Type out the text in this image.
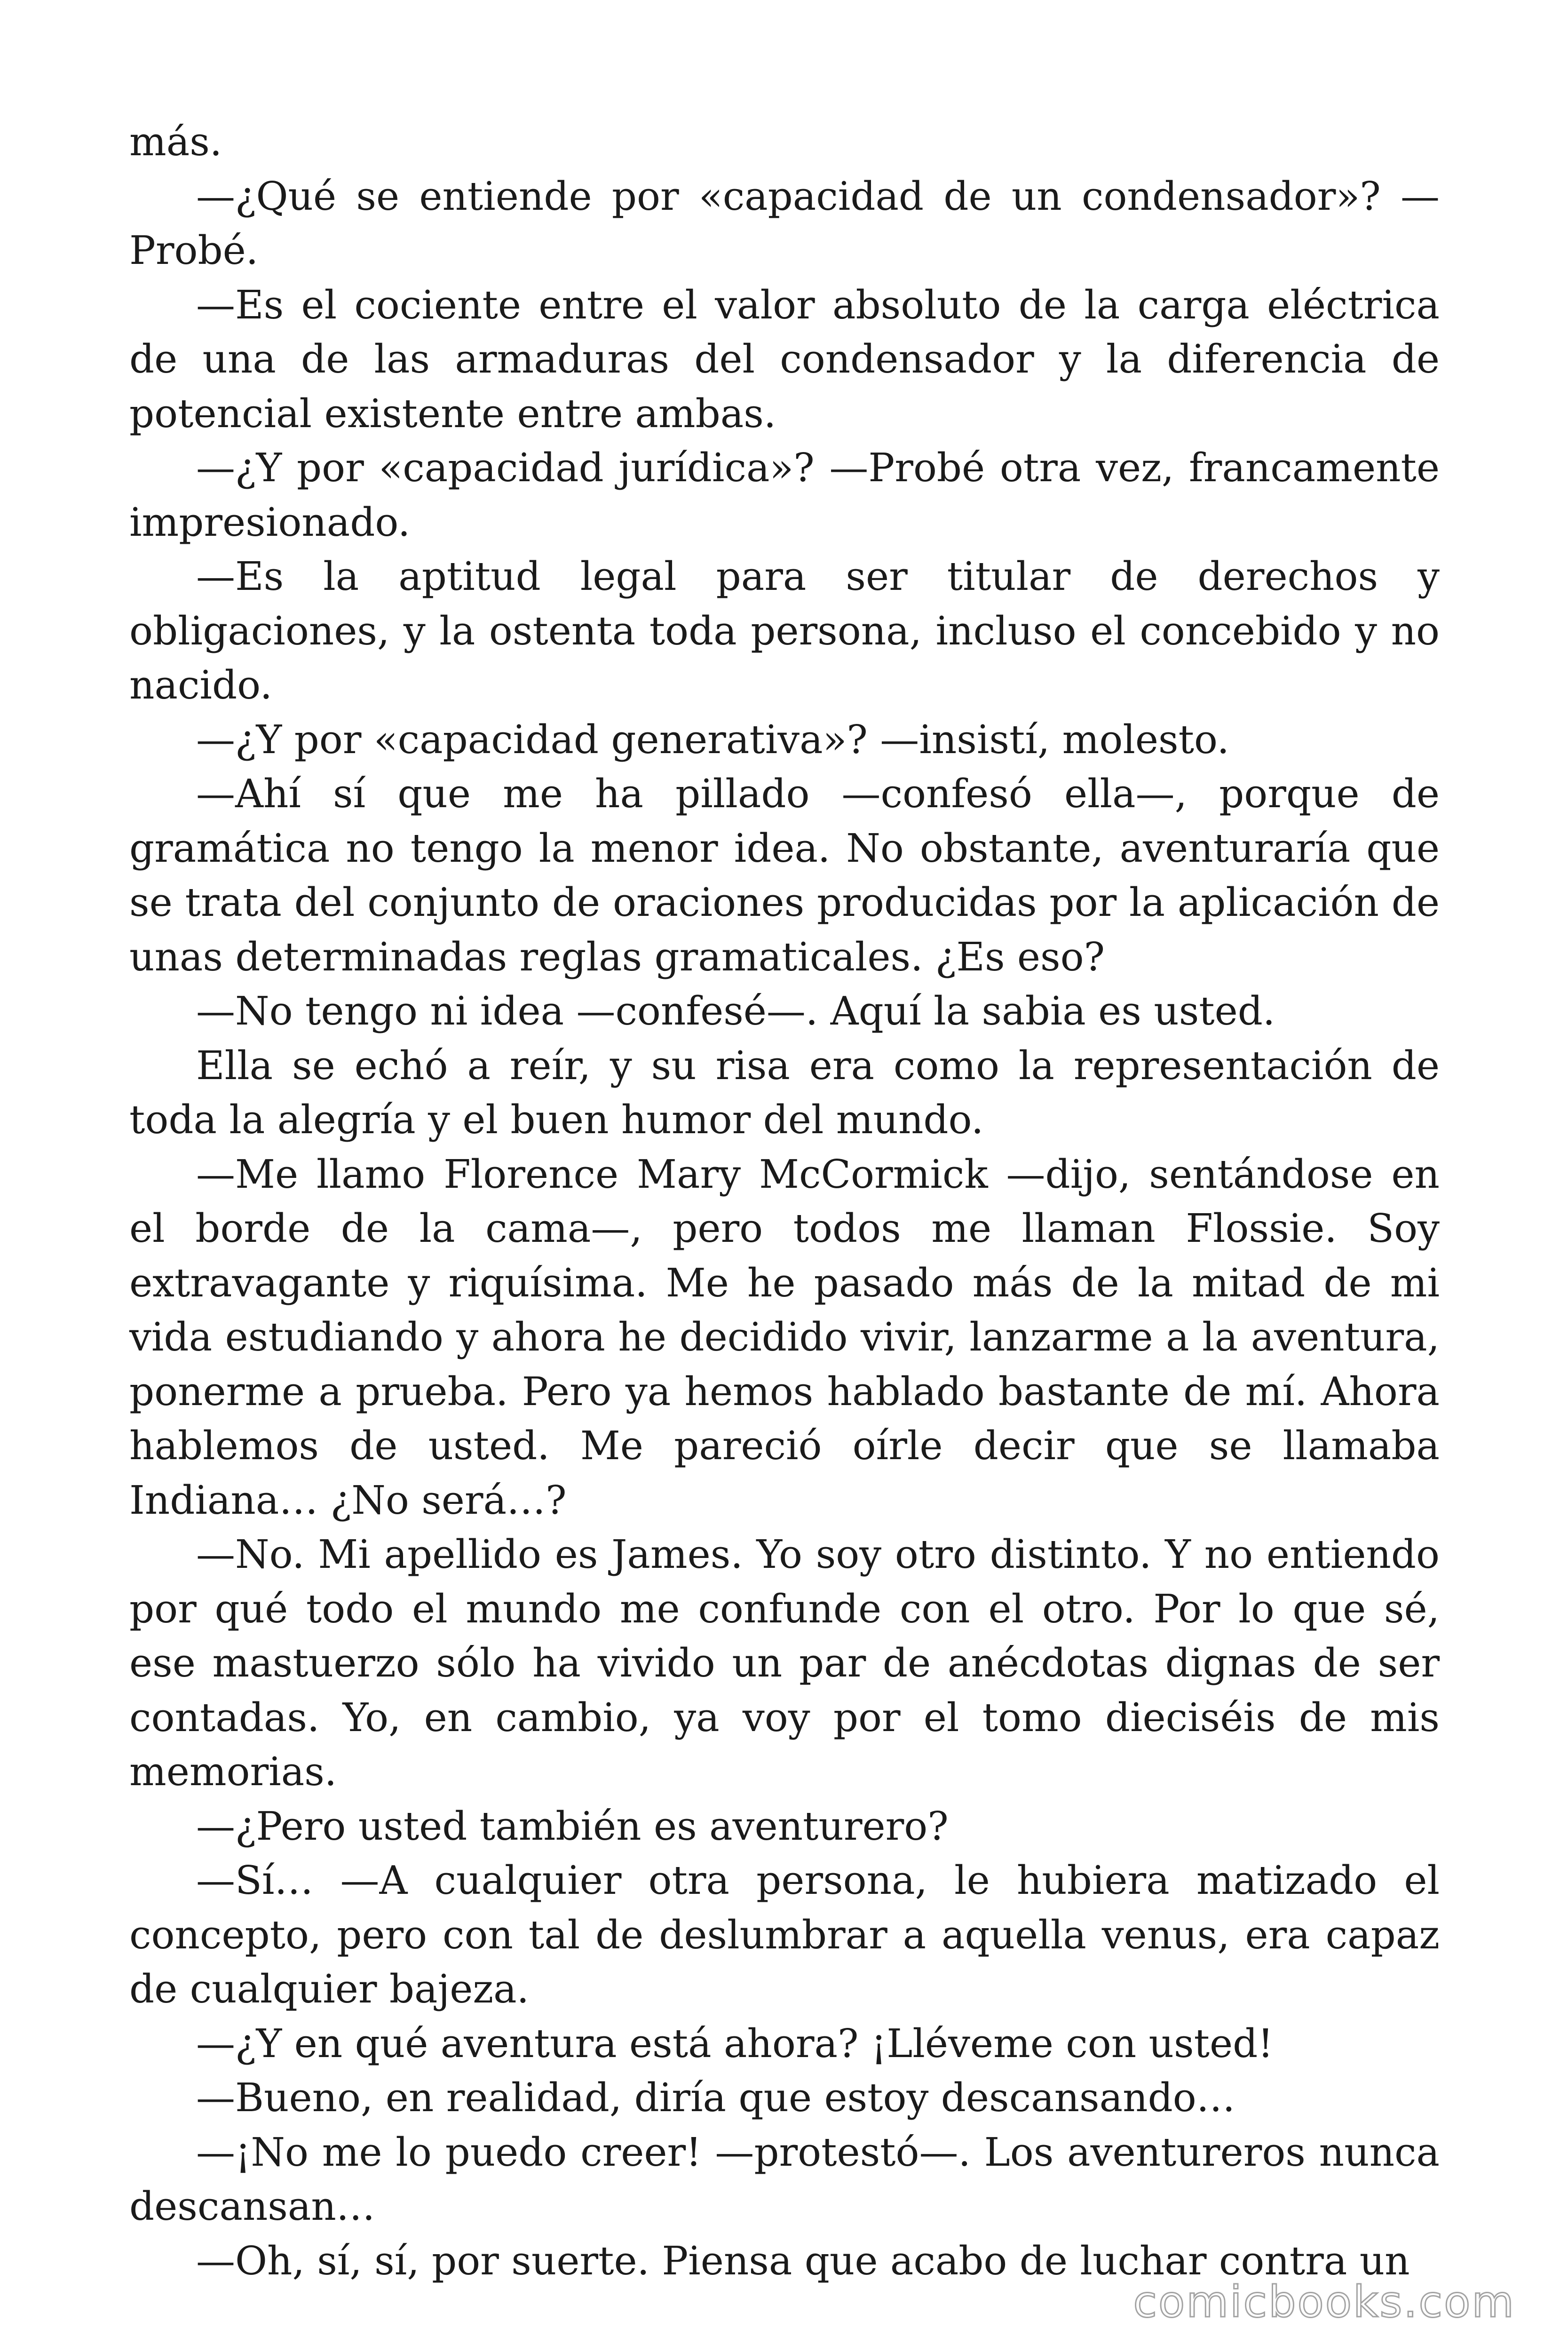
más.

—¿Qué se entiende por «capacidad de un condensador»? —Probé.

—Es el cociente entre el valor absoluto de la carga eléctrica de una de las armaduras del condensador y la diferencia de potencial existente entre ambas.

—¿Y por «capacidad jurídica»? —Probé otra vez, francamente impresionado.

—Es la aptitud legal para ser titular de derechos y obligaciones, y la ostenta toda persona, incluso el concebido y no nacido.

—¿Y por «capacidad generativa»? —insistí, molesto.

—Ahí sí que me ha pillado —confesó ella—, porque de gramática no tengo la menor idea. No obstante, aventuraría que se trata del conjunto de oraciones producidas por la aplicación de unas determinadas reglas gramaticales. ¿Es eso?

—No tengo ni idea —confesé—. Aquí la sabia es usted.

Ella se echó a reír, y su risa era como la representación de toda la alegría y el buen humor del mundo.

—Me llamo Florence Mary McCormick —dijo, sentándose en el borde de la cama—, pero todos me llaman Flossie. Soy extravagante y riquísima. Me he pasado más de la mitad de mi vida estudiando y ahora he decidido vivir, lanzarme a la aventura, ponerme a prueba. Pero ya hemos hablado bastante de mí. Ahora hablemos de usted. Me pareció oírle decir que se llamaba Indiana… ¿No será…?

—No. Mi apellido es James. Yo soy otro distinto. Y no entiendo por qué todo el mundo me confunde con el otro. Por lo que sé, ese mastuerzo sólo ha vivido un par de anécdotas dignas de ser contadas. Yo, en cambio, ya voy por el tomo dieciséis de mis memorias.

—¿Pero usted también es aventurero?

—Sí… —A cualquier otra persona, le hubiera matizado el concepto, pero con tal de deslumbrar a aquella venus, era capaz de cualquier bajeza.

—¿Y en qué aventura está ahora? ¡Lléveme con usted!

—Bueno, en realidad, diría que estoy descansando…

—¡No me lo puedo creer! —protestó—. Los aventureros nunca descansan…

—Oh, sí, sí, por suerte. Piensa que acabo de luchar contra un

comicbooks.com
